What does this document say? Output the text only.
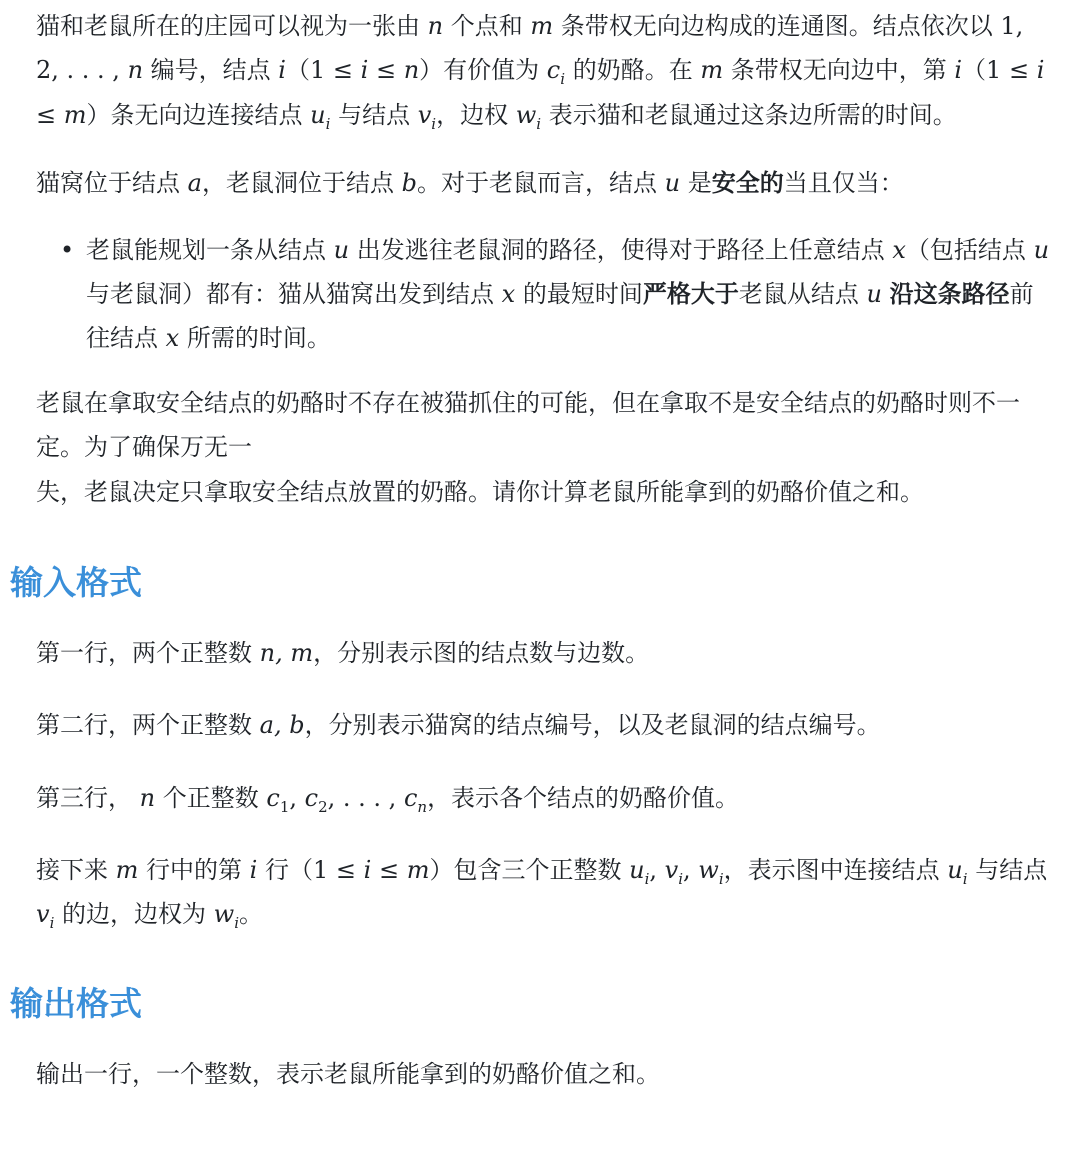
猫和老鼠所在的庄园可以视为一张由 n 个点和 m 条带权无向边构成的连通图。结点依次以 1, 2, . . . , n 编号，结点 i（1 ≤ i ≤ n）有价值为 $c_i$ 的奶酪。在 m 条带权无向边中，第 i（1 ≤ i ≤ m）条无向边连接结点 $u_i$ 与结点 $v_i$，边权 $w_i$ 表示猫和老鼠通过这条边所需的时间。

猫窝位于结点 a，老鼠洞位于结点 b。对于老鼠而言，结点 u 是安全的当且仅当：

• 老鼠能规划一条从结点 u 出发逃往老鼠洞的路径，使得对于路径上任意结点 x（包括结点 u 与老鼠洞）都有：猫从猫窝出发到结点 x 的最短时间严格大于老鼠从结点 u 沿这条路径前往结点 x 所需的时间。

老鼠在拿取安全结点的奶酪时不存在被猫抓住的可能，但在拿取不是安全结点的奶酪时则不一定。为了确保万无一
失，老鼠决定只拿取安全结点放置的奶酪。请你计算老鼠所能拿到的奶酪价值之和。

输入格式

第一行，两个正整数 n, m，分别表示图的结点数与边数。

第二行，两个正整数 a, b，分别表示猫窝的结点编号，以及老鼠洞的结点编号。

第三行， n 个正整数 $c_1$, $c_2$, . . . , $c_n$，表示各个结点的奶酪价值。

接下来 m 行中的第 i 行（1 ≤ i ≤ m）包含三个正整数 $u_i$, $v_i$, $w_i$，表示图中连接结点 $u_i$ 与结点 $v_i$ 的边，边权为 $w_i$。

输出格式

输出一行，一个整数，表示老鼠所能拿到的奶酪价值之和。
